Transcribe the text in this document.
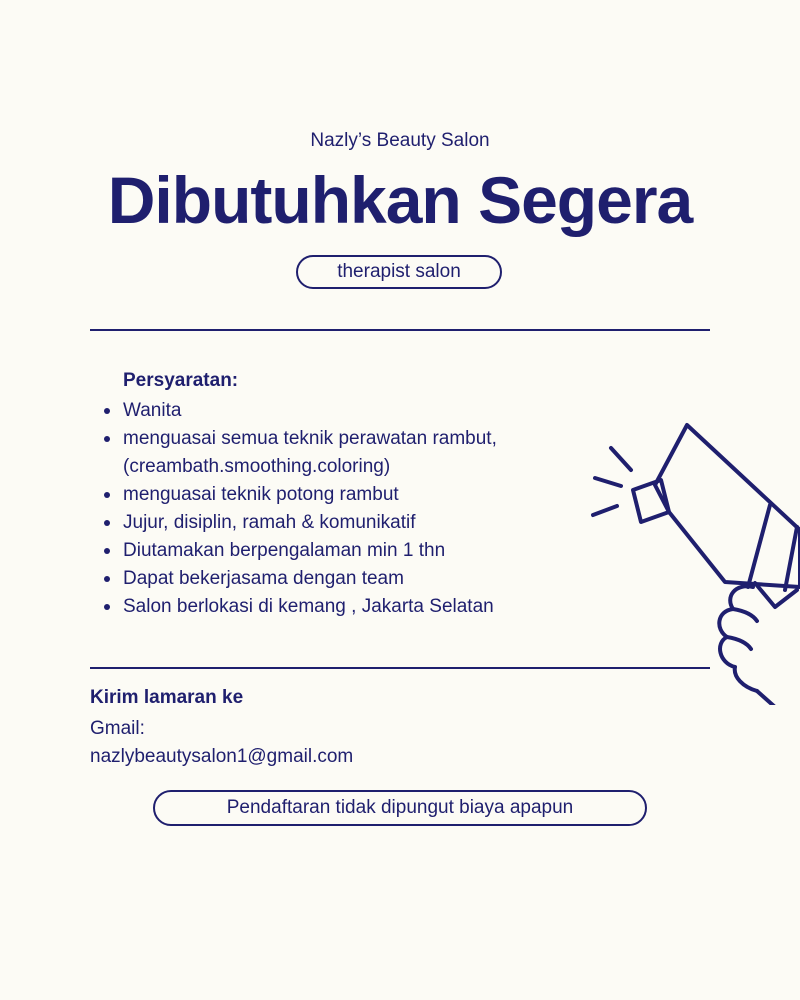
Nazly’s Beauty Salon
Dibutuhkan Segera
therapist salon
Persyaratan:
Wanita
menguasai semua teknik perawatan rambut, (creambath.smoothing.coloring)
menguasai teknik potong rambut
Jujur, disiplin, ramah & komunikatif
Diutamakan berpengalaman min 1 thn
Dapat bekerjasama dengan team
Salon berlokasi di kemang , Jakarta Selatan
Kirim lamaran ke
Gmail:
nazlybeautysalon1@gmail.com
Pendaftaran tidak dipungut biaya apapun
